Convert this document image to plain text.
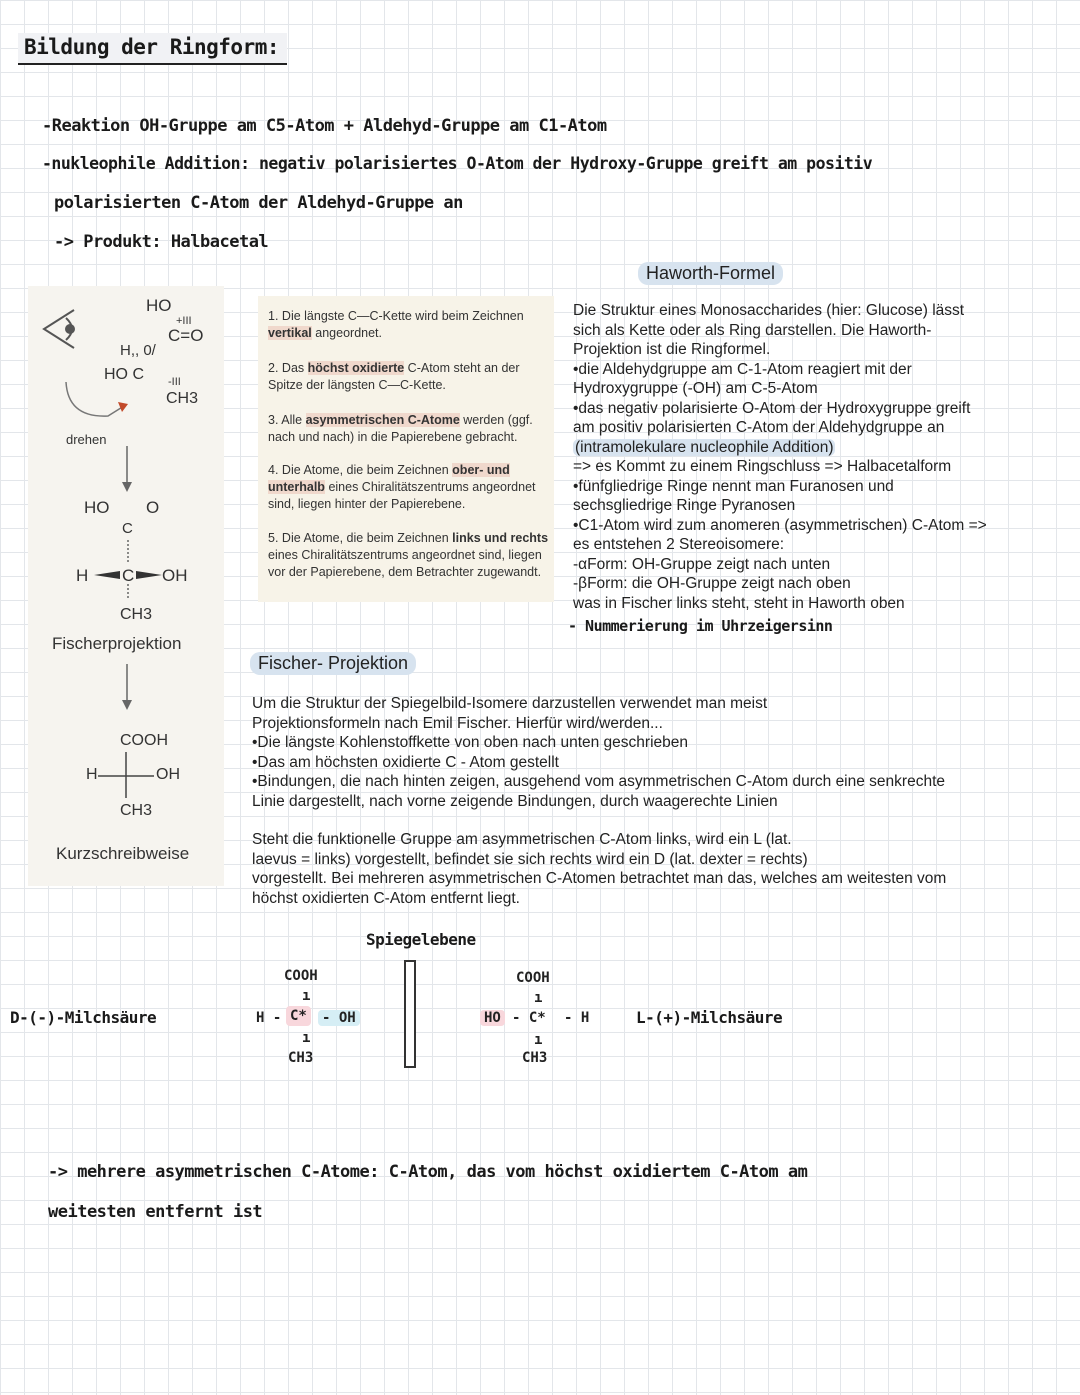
Bildung der Ringform:
-Reaktion OH-Gruppe am C5-Atom + Aldehyd-Gruppe am C1-Atom
-nukleophile Addition: negativ polarisiertes O-Atom der Hydroxy-Gruppe greift am positiv
polarisierten C-Atom der Aldehyd-Gruppe an
-> Produkt: Halbacetal
HO
+III
C=O
H,, 0/
HO C -III
CH3
drehen
HO O
C
H C OH
CH3
Fischerprojektion
COOH
H	OH
CH3
Kurzschreibweise
1. Die längste C—C-Kette wird beim Zeichnen vertikal angeordnet.
2. Das höchst oxidierte C-Atom steht an der Spitze der längsten C—C-Kette.
3. Alle asymmetrischen C-Atome werden (ggf. nach und nach) in die Papierebene gebracht.
4. Die Atome, die beim Zeichnen ober- und unterhalb eines Chiralitätszentrums angeordnet sind, liegen hinter der Papierebene.
5. Die Atome, die beim Zeichnen links und rechts eines Chiralitätszentrums angeordnet sind, liegen vor der Papierebene, dem Betrachter zugewandt.
Haworth-Formel
Die Struktur eines Monosaccharides (hier: Glucose) lässt
sich als Kette oder als Ring darstellen. Die Haworth-
Projektion ist die Ringformel.
•die Aldehydgruppe am C-1-Atom reagiert mit der
Hydroxygruppe (-OH) am C-5-Atom
•das negativ polarisierte O-Atom der Hydroxygruppe greift
am positiv polarisierten C-Atom der Aldehydgruppe an
(intramolekulare nucleophile Addition)
=> es Kommt zu einem Ringschluss => Halbacetalform
•fünfgliedrige Ringe nennt man Furanosen und
sechsgliedrige Ringe Pyranosen
•C1-Atom wird zum anomeren (asymmetrischen) C-Atom =>
es entstehen 2 Stereoisomere:
-αForm: OH-Gruppe zeigt nach unten
-βForm: die OH-Gruppe zeigt nach oben
was in Fischer links steht, steht in Haworth oben
- Nummerierung im Uhrzeigersinn
Fischer- Projektion
Um die Struktur der Spiegelbild-Isomere darzustellen verwendet man meist
Projektionsformeln nach Emil Fischer. Hierfür wird/werden...
•Die längste Kohlenstoffkette von oben nach unten geschrieben
•Das am höchsten oxidierte C - Atom gestellt
•Bindungen, die nach hinten zeigen, ausgehend vom asymmetrischen C-Atom durch eine senkrechte
Linie dargestellt, nach vorne zeigende Bindungen, durch waagerechte Linien
Steht die funktionelle Gruppe am asymmetrischen C-Atom links, wird ein L (lat.
laevus = links) vorgestellt, befindet sie sich rechts wird ein D (lat. dexter = rechts)
vorgestellt. Bei mehreren asymmetrischen C-Atomen betrachtet man das, welches am weitesten vom
höchst oxidierten C-Atom entfernt liegt.
Spiegelebene
D-(-)-Milchsäure
COOH
ı
H - C* - OH
ı
CH3
COOH
ı
HO - C* - H
ı
CH3
L-(+)-Milchsäure
-> mehrere asymmetrischen C-Atome: C-Atom, das vom höchst oxidiertem C-Atom am
weitesten entfernt ist
